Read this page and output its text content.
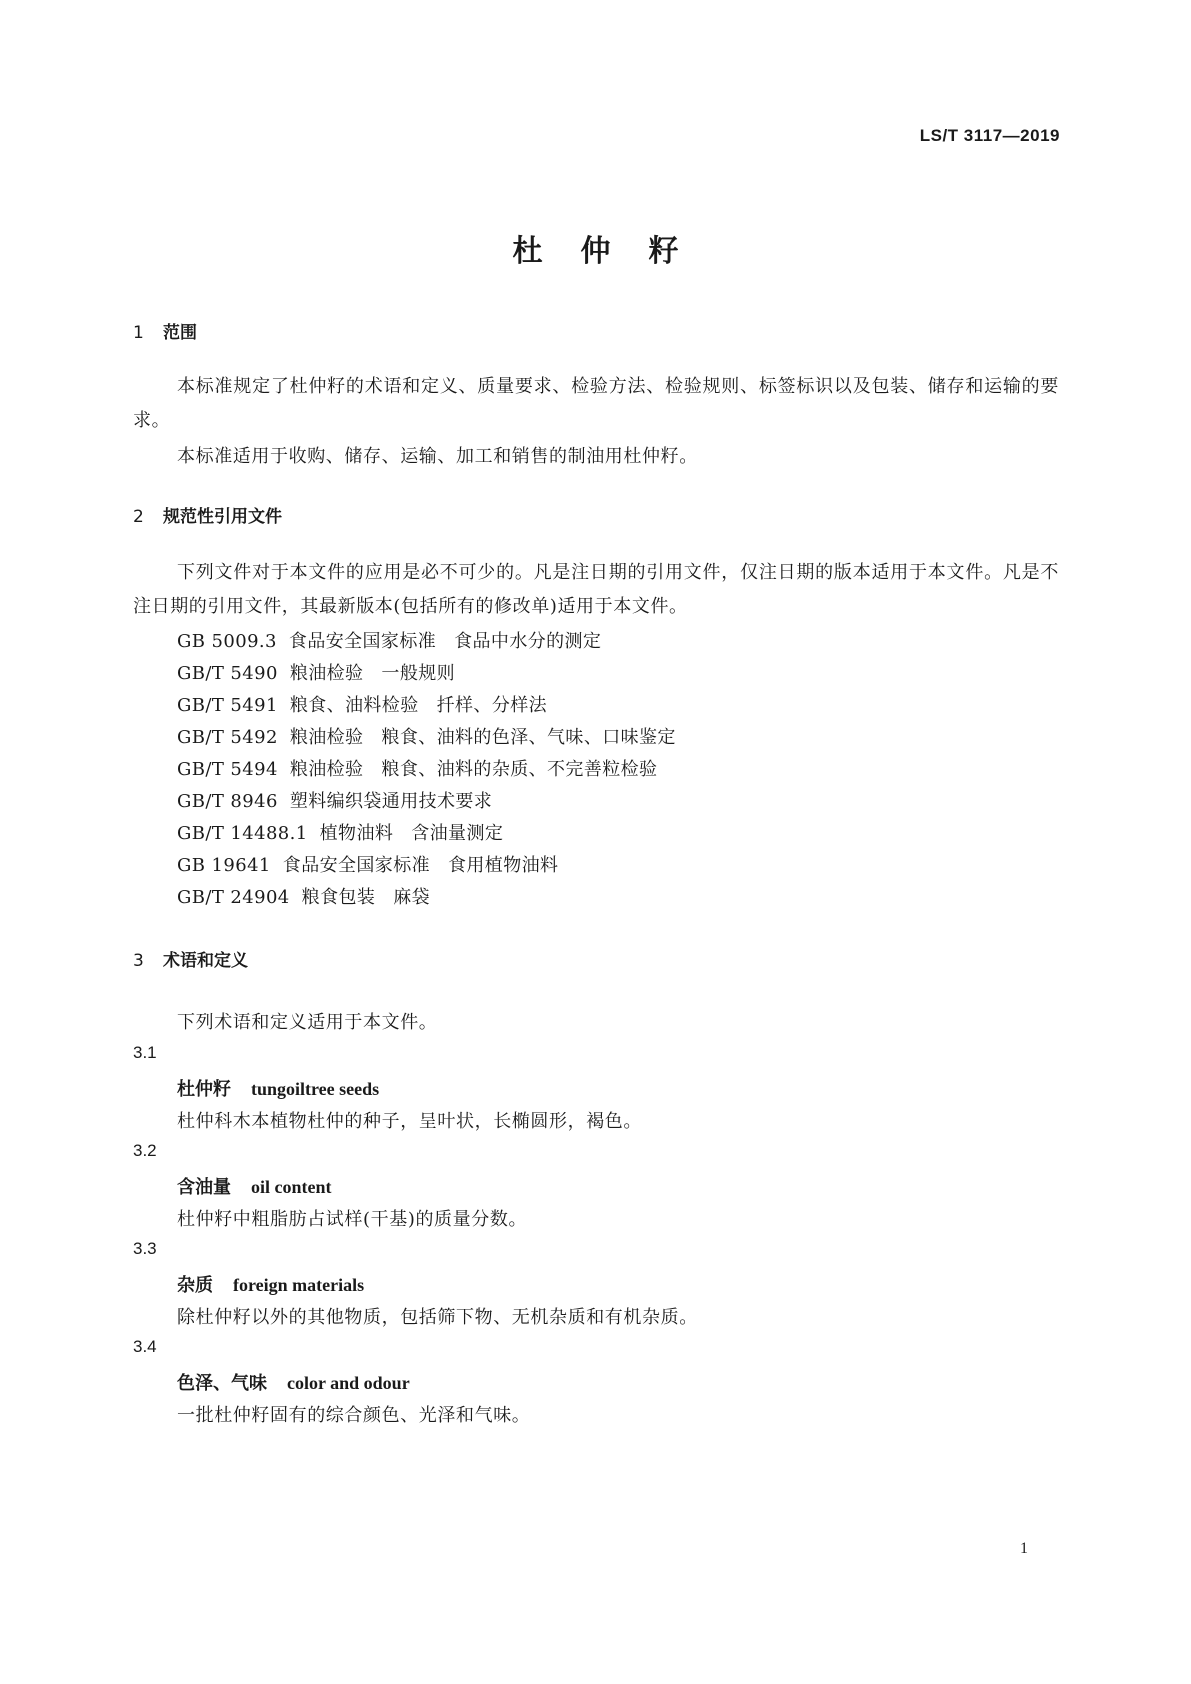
LS/T 3117—2019
杜仲籽
1 范围
本标准规定了杜仲籽的术语和定义、质量要求、检验方法、检验规则、标签标识以及包装、储存和运输的要求。
本标准适用于收购、储存、运输、加工和销售的制油用杜仲籽。
2 规范性引用文件
下列文件对于本文件的应用是必不可少的。凡是注日期的引用文件，仅注日期的版本适用于本文件。凡是不注日期的引用文件，其最新版本(包括所有的修改单)适用于本文件。
GB 5009.3 食品安全国家标准 食品中水分的测定
GB/T 5490 粮油检验 一般规则
GB/T 5491 粮食、油料检验 扦样、分样法
GB/T 5492 粮油检验 粮食、油料的色泽、气味、口味鉴定
GB/T 5494 粮油检验 粮食、油料的杂质、不完善粒检验
GB/T 8946 塑料编织袋通用技术要求
GB/T 14488.1 植物油料 含油量测定
GB 19641 食品安全国家标准 食用植物油料
GB/T 24904 粮食包装 麻袋
3 术语和定义
下列术语和定义适用于本文件。
3.1
杜仲籽 tungoiltree seeds
杜仲科木本植物杜仲的种子，呈叶状，长椭圆形，褐色。
3.2
含油量 oil content
杜仲籽中粗脂肪占试样(干基)的质量分数。
3.3
杂质 foreign materials
除杜仲籽以外的其他物质，包括筛下物、无机杂质和有机杂质。
3.4
色泽、气味 color and odour
一批杜仲籽固有的综合颜色、光泽和气味。
1
